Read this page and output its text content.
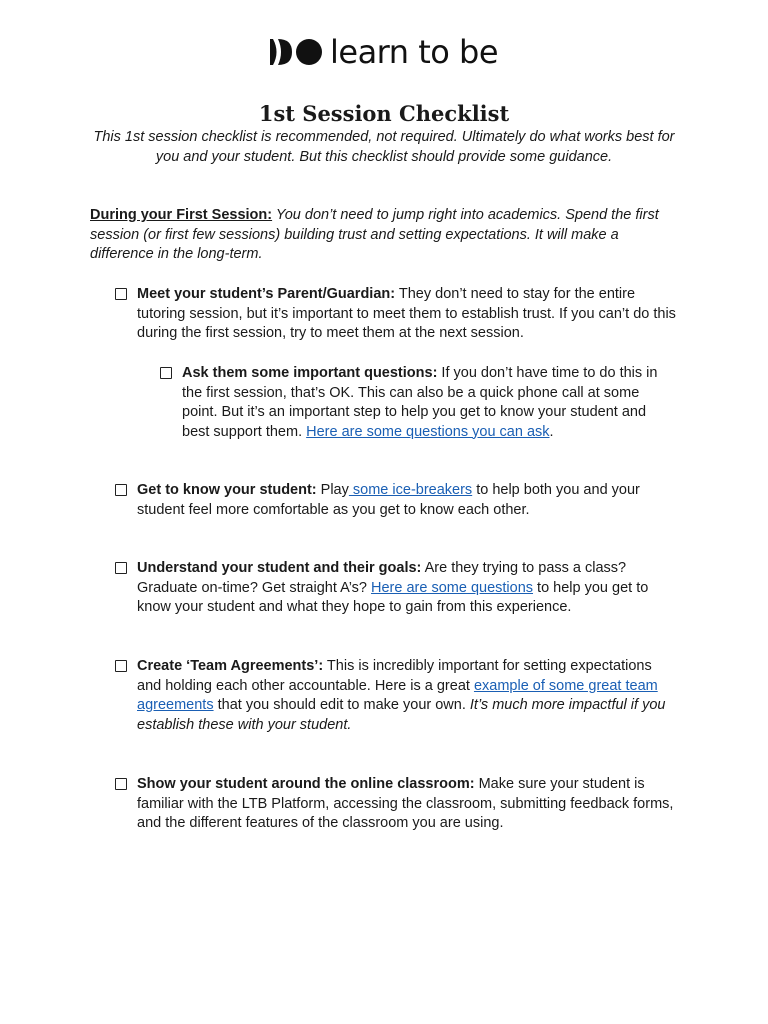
learn to be
1st Session Checklist
This 1st session checklist is recommended, not required. Ultimately do what works best for you and your student. But this checklist should provide some guidance.
During your First Session: You don’t need to jump right into academics. Spend the first session (or first few sessions) building trust and setting expectations. It will make a difference in the long-term.
Meet your student’s Parent/Guardian: They don’t need to stay for the entire tutoring session, but it’s important to meet them to establish trust. If you can’t do this during the first session, try to meet them at the next session.
Ask them some important questions: If you don’t have time to do this in the first session, that’s OK. This can also be a quick phone call at some point. But it’s an important step to help you get to know your student and best support them. Here are some questions you can ask.
Get to know your student: Play some ice-breakers to help both you and your student feel more comfortable as you get to know each other.
Understand your student and their goals: Are they trying to pass a class? Graduate on-time? Get straight A’s? Here are some questions to help you get to know your student and what they hope to gain from this experience.
Create ‘Team Agreements’: This is incredibly important for setting expectations and holding each other accountable. Here is a great example of some great team agreements that you should edit to make your own. It’s much more impactful if you establish these with your student.
Show your student around the online classroom: Make sure your student is familiar with the LTB Platform, accessing the classroom, submitting feedback forms, and the different features of the classroom you are using.
